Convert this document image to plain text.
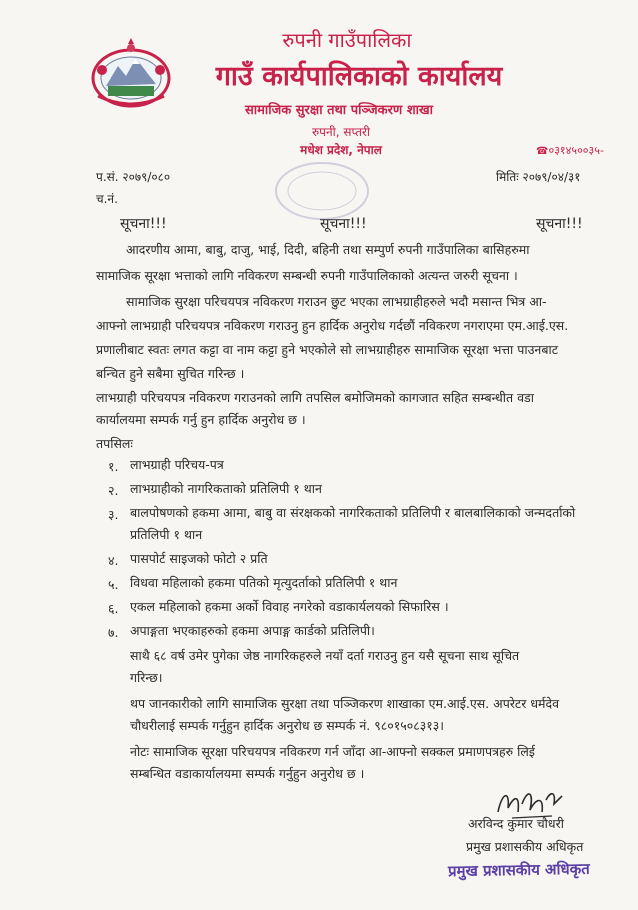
रुपनी गाउँपालिका
गाउँ कार्यपालिकाको कार्यालय
सामाजिक सुरक्षा तथा पञ्जिकरण शाखा
रुपनी, सप्तरी
मधेश प्रदेश, नेपाल	☎०३१४५००३५-
प.सं. २०७९/०८०
च.नं.
मितिः २०७९/०४/३१
सूचना!!!	सूचना!!!	सूचना!!!
आदरणीय आमा, बाबु, दाजु, भाई, दिदी, बहिनी तथा सम्पुर्ण रुपनी गाउँपालिका बासिहरुमा
सामाजिक सूरक्षा भत्ताको लागि नविकरण सम्बन्धी रुपनी गाउँपालिकाको अत्यन्त जरुरी सूचना ।
सामाजिक सुरक्षा परिचयपत्र नविकरण गराउन छुट भएका लाभग्राहीहरुले भदौ मसान्त भित्र आ-
आफ्नो लाभग्राही परिचयपत्र नविकरण गराउनु हुन हार्दिक अनुरोध गर्दछौं नविकरण नगराएमा एम.आई.एस.
प्रणालीबाट स्वतः लगत कट्टा वा नाम कट्टा हुने भएकोले सो लाभग्राहीहरु सामाजिक सूरक्षा भत्ता पाउनबाट
बन्चित हुने सबैमा सुचित गरिन्छ ।
लाभग्राही परिचयपत्र नविकरण गराउनको लागि तपसिल बमोजिमको कागजात सहित सम्बन्धीत वडा
कार्यालयमा सम्पर्क गर्नु हुन हार्दिक अनुरोध छ ।
तपसिलः
१. लाभग्राही परिचय-पत्र
२. लाभग्राहीको नागरिकताको प्रतिलिपी १ थान
३. बालपोषणको हकमा आमा, बाबु वा संरक्षकको नागरिकताको प्रतिलिपी र बालबालिकाको जन्मदर्ताको
प्रतिलिपी १ थान
४. पासपोर्ट साइजको फोटो २ प्रति
५. विधवा महिलाको हकमा पतिको मृत्युदर्ताको प्रतिलिपी १ थान
६. एकल महिलाको हकमा अर्को विवाह नगरेको वडाकार्यलयको सिफारिस ।
७. अपाङ्गता भएकाहरुको हकमा अपाङ्ग कार्डको प्रतिलिपी।
साथै ६८ वर्ष उमेर पुगेका जेष्ठ नागरिकहरुले नयाँ दर्ता गराउनु हुन यसै सूचना साथ सूचित
गरिन्छ।
थप जानकारीको लागि सामाजिक सुरक्षा तथा पञ्जिकरण शाखाका एम.आई.एस. अपरेटर धर्मदेव
चौधरीलाई सम्पर्क गर्नुहुन हार्दिक अनुरोध छ सम्पर्क नं. ९८०१५०८३१३।
नोटः सामाजिक सूरक्षा परिचयपत्र नविकरण गर्न जाँदा आ-आफ्नो सक्कल प्रमाणपत्रहरु लिई
सम्बन्धित वडाकार्यालयमा सम्पर्क गर्नुहुन अनुरोध छ ।
अरविन्द कुमार चौधरी
प्रमुख प्रशासकीय अधिकृत
प्रमुख प्रशासकीय अधिकृत
